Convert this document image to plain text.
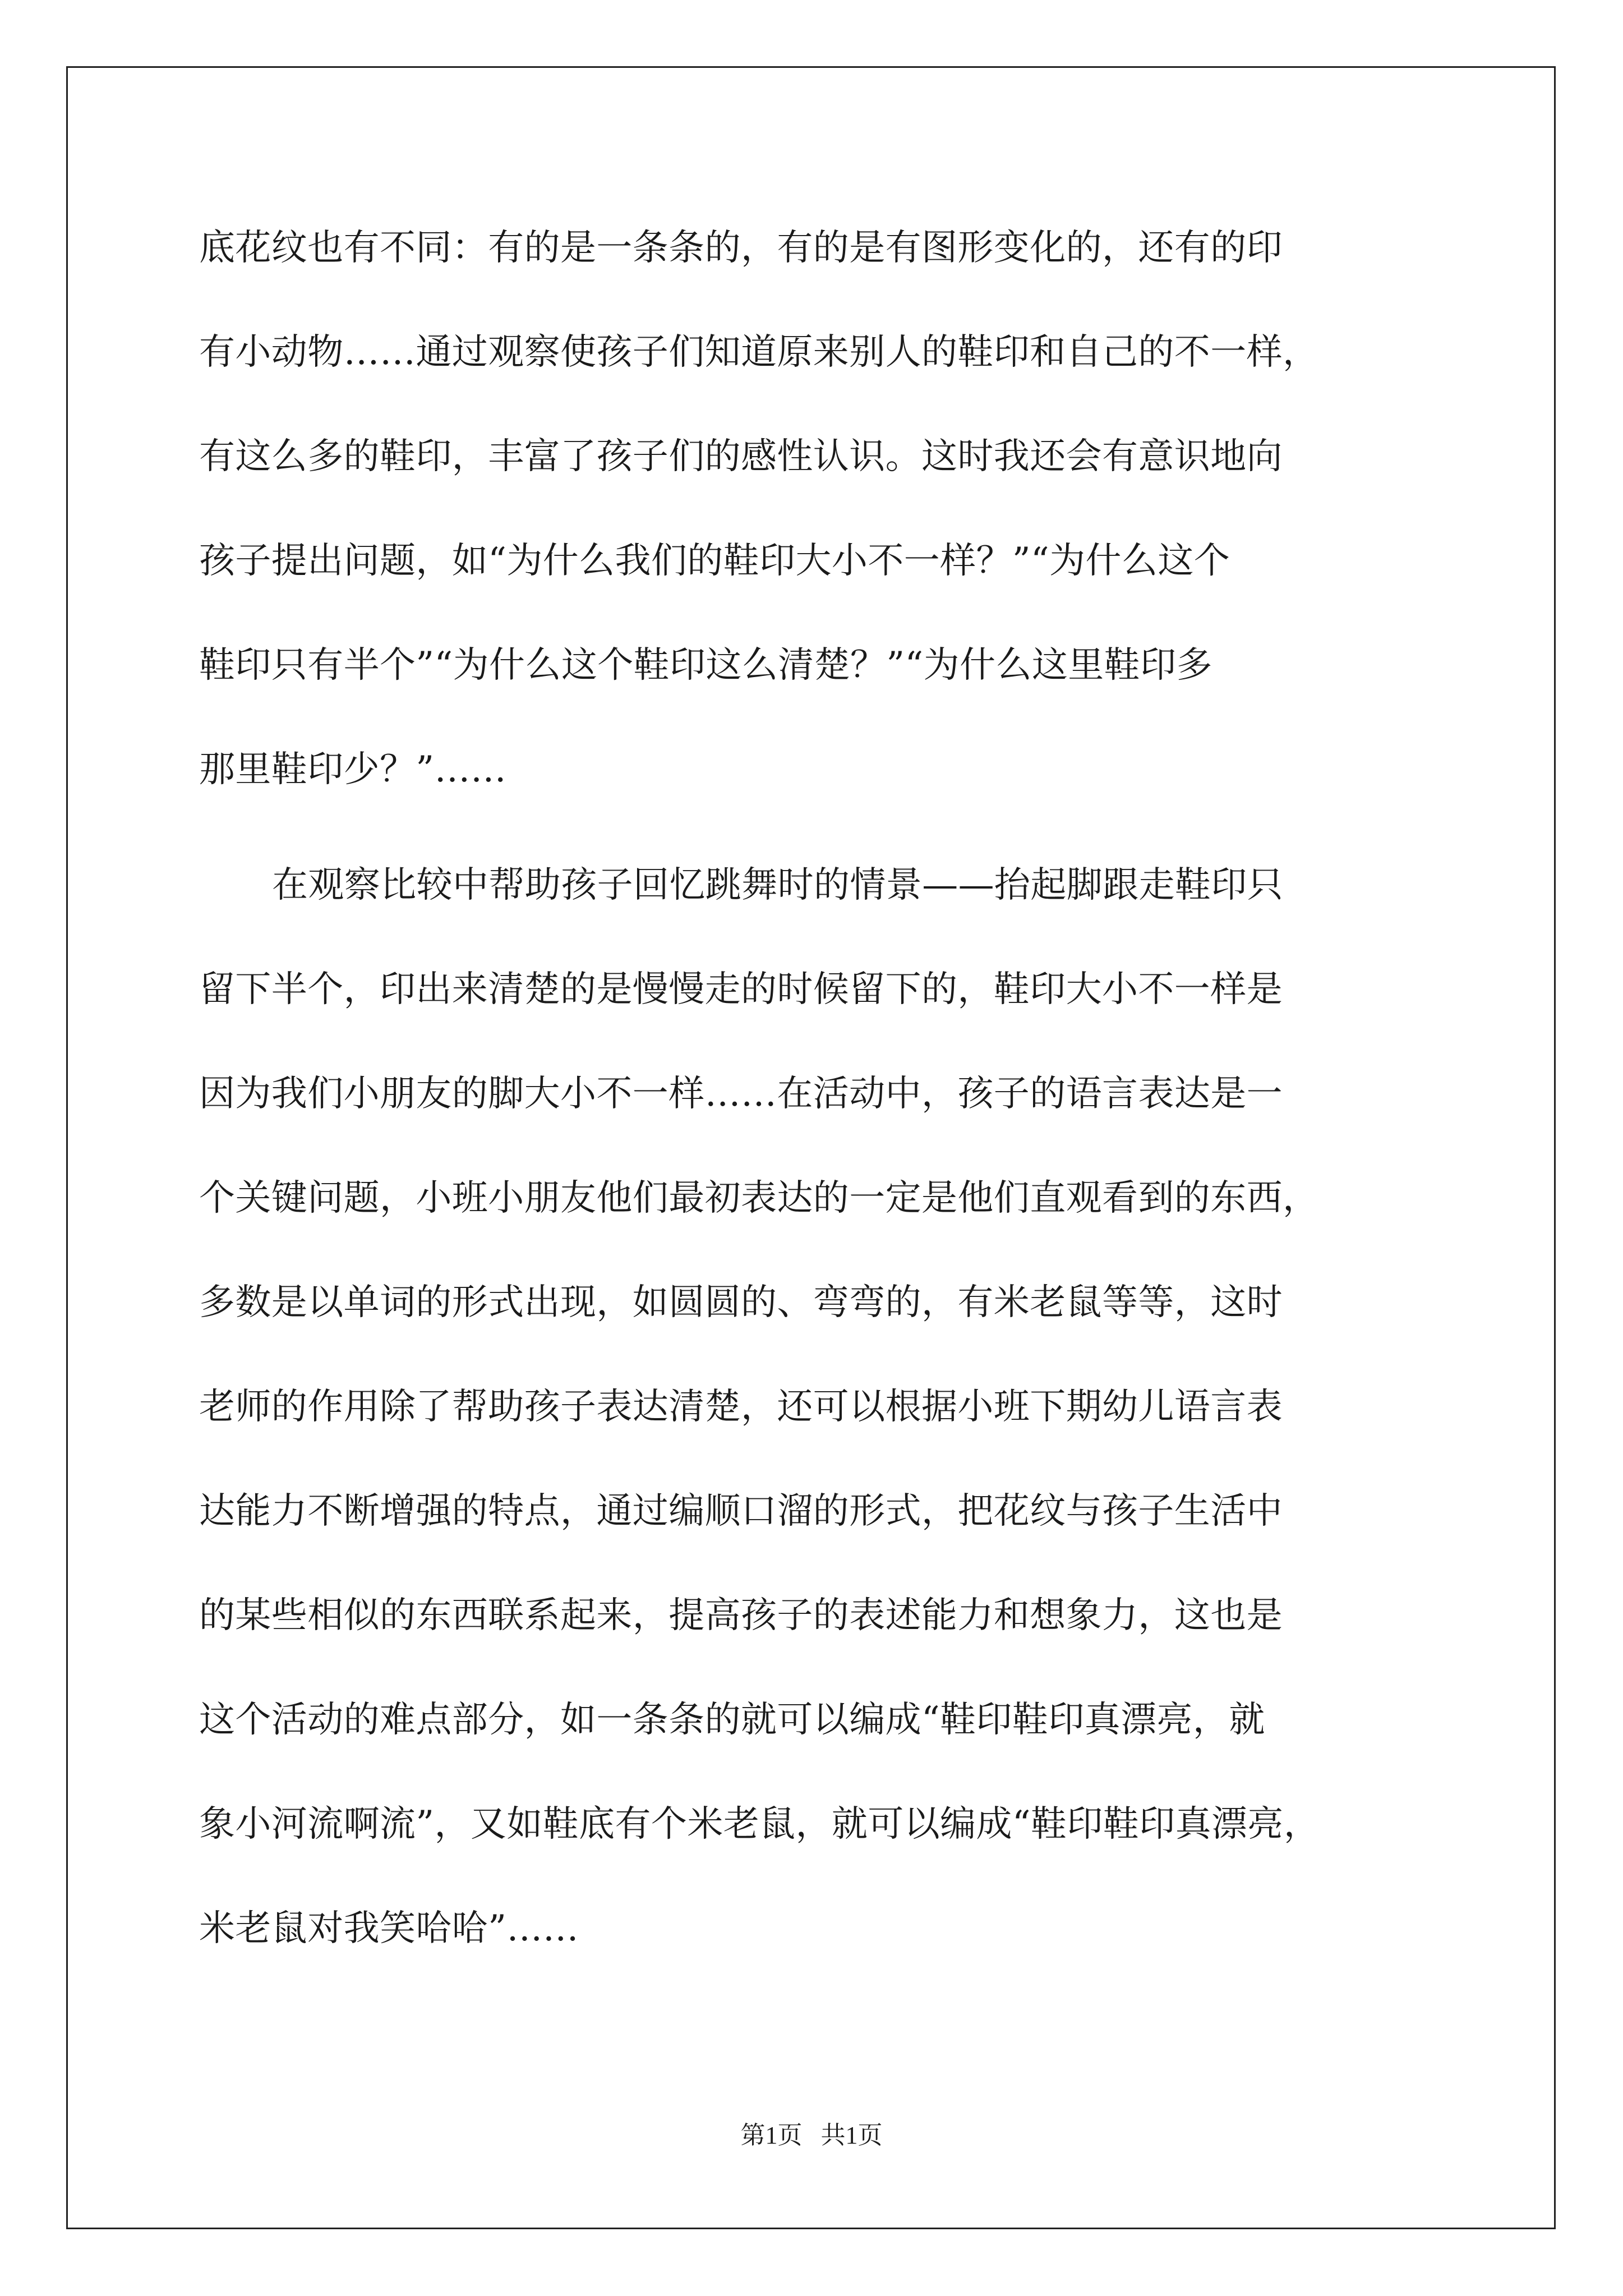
底花纹也有不同：有的是一条条的，有的是有图形变化的，还有的印

有小动物……通过观察使孩子们知道原来别人的鞋印和自己的不一样，

有这么多的鞋印，丰富了孩子们的感性认识。这时我还会有意识地向

孩子提出问题，如“为什么我们的鞋印大小不一样？”“为什么这个

鞋印只有半个”“为什么这个鞋印这么清楚？”“为什么这里鞋印多

那里鞋印少？”……

在观察比较中帮助孩子回忆跳舞时的情景——抬起脚跟走鞋印只

留下半个，印出来清楚的是慢慢走的时候留下的，鞋印大小不一样是

因为我们小朋友的脚大小不一样……在活动中，孩子的语言表达是一

个关键问题，小班小朋友他们最初表达的一定是他们直观看到的东西，

多数是以单词的形式出现，如圆圆的、弯弯的，有米老鼠等等，这时

老师的作用除了帮助孩子表达清楚，还可以根据小班下期幼儿语言表

达能力不断增强的特点，通过编顺口溜的形式，把花纹与孩子生活中

的某些相似的东西联系起来，提高孩子的表述能力和想象力，这也是

这个活动的难点部分，如一条条的就可以编成“鞋印鞋印真漂亮，就

象小河流啊流”，又如鞋底有个米老鼠，就可以编成“鞋印鞋印真漂亮，

米老鼠对我笑哈哈”……

第1页   共1页
